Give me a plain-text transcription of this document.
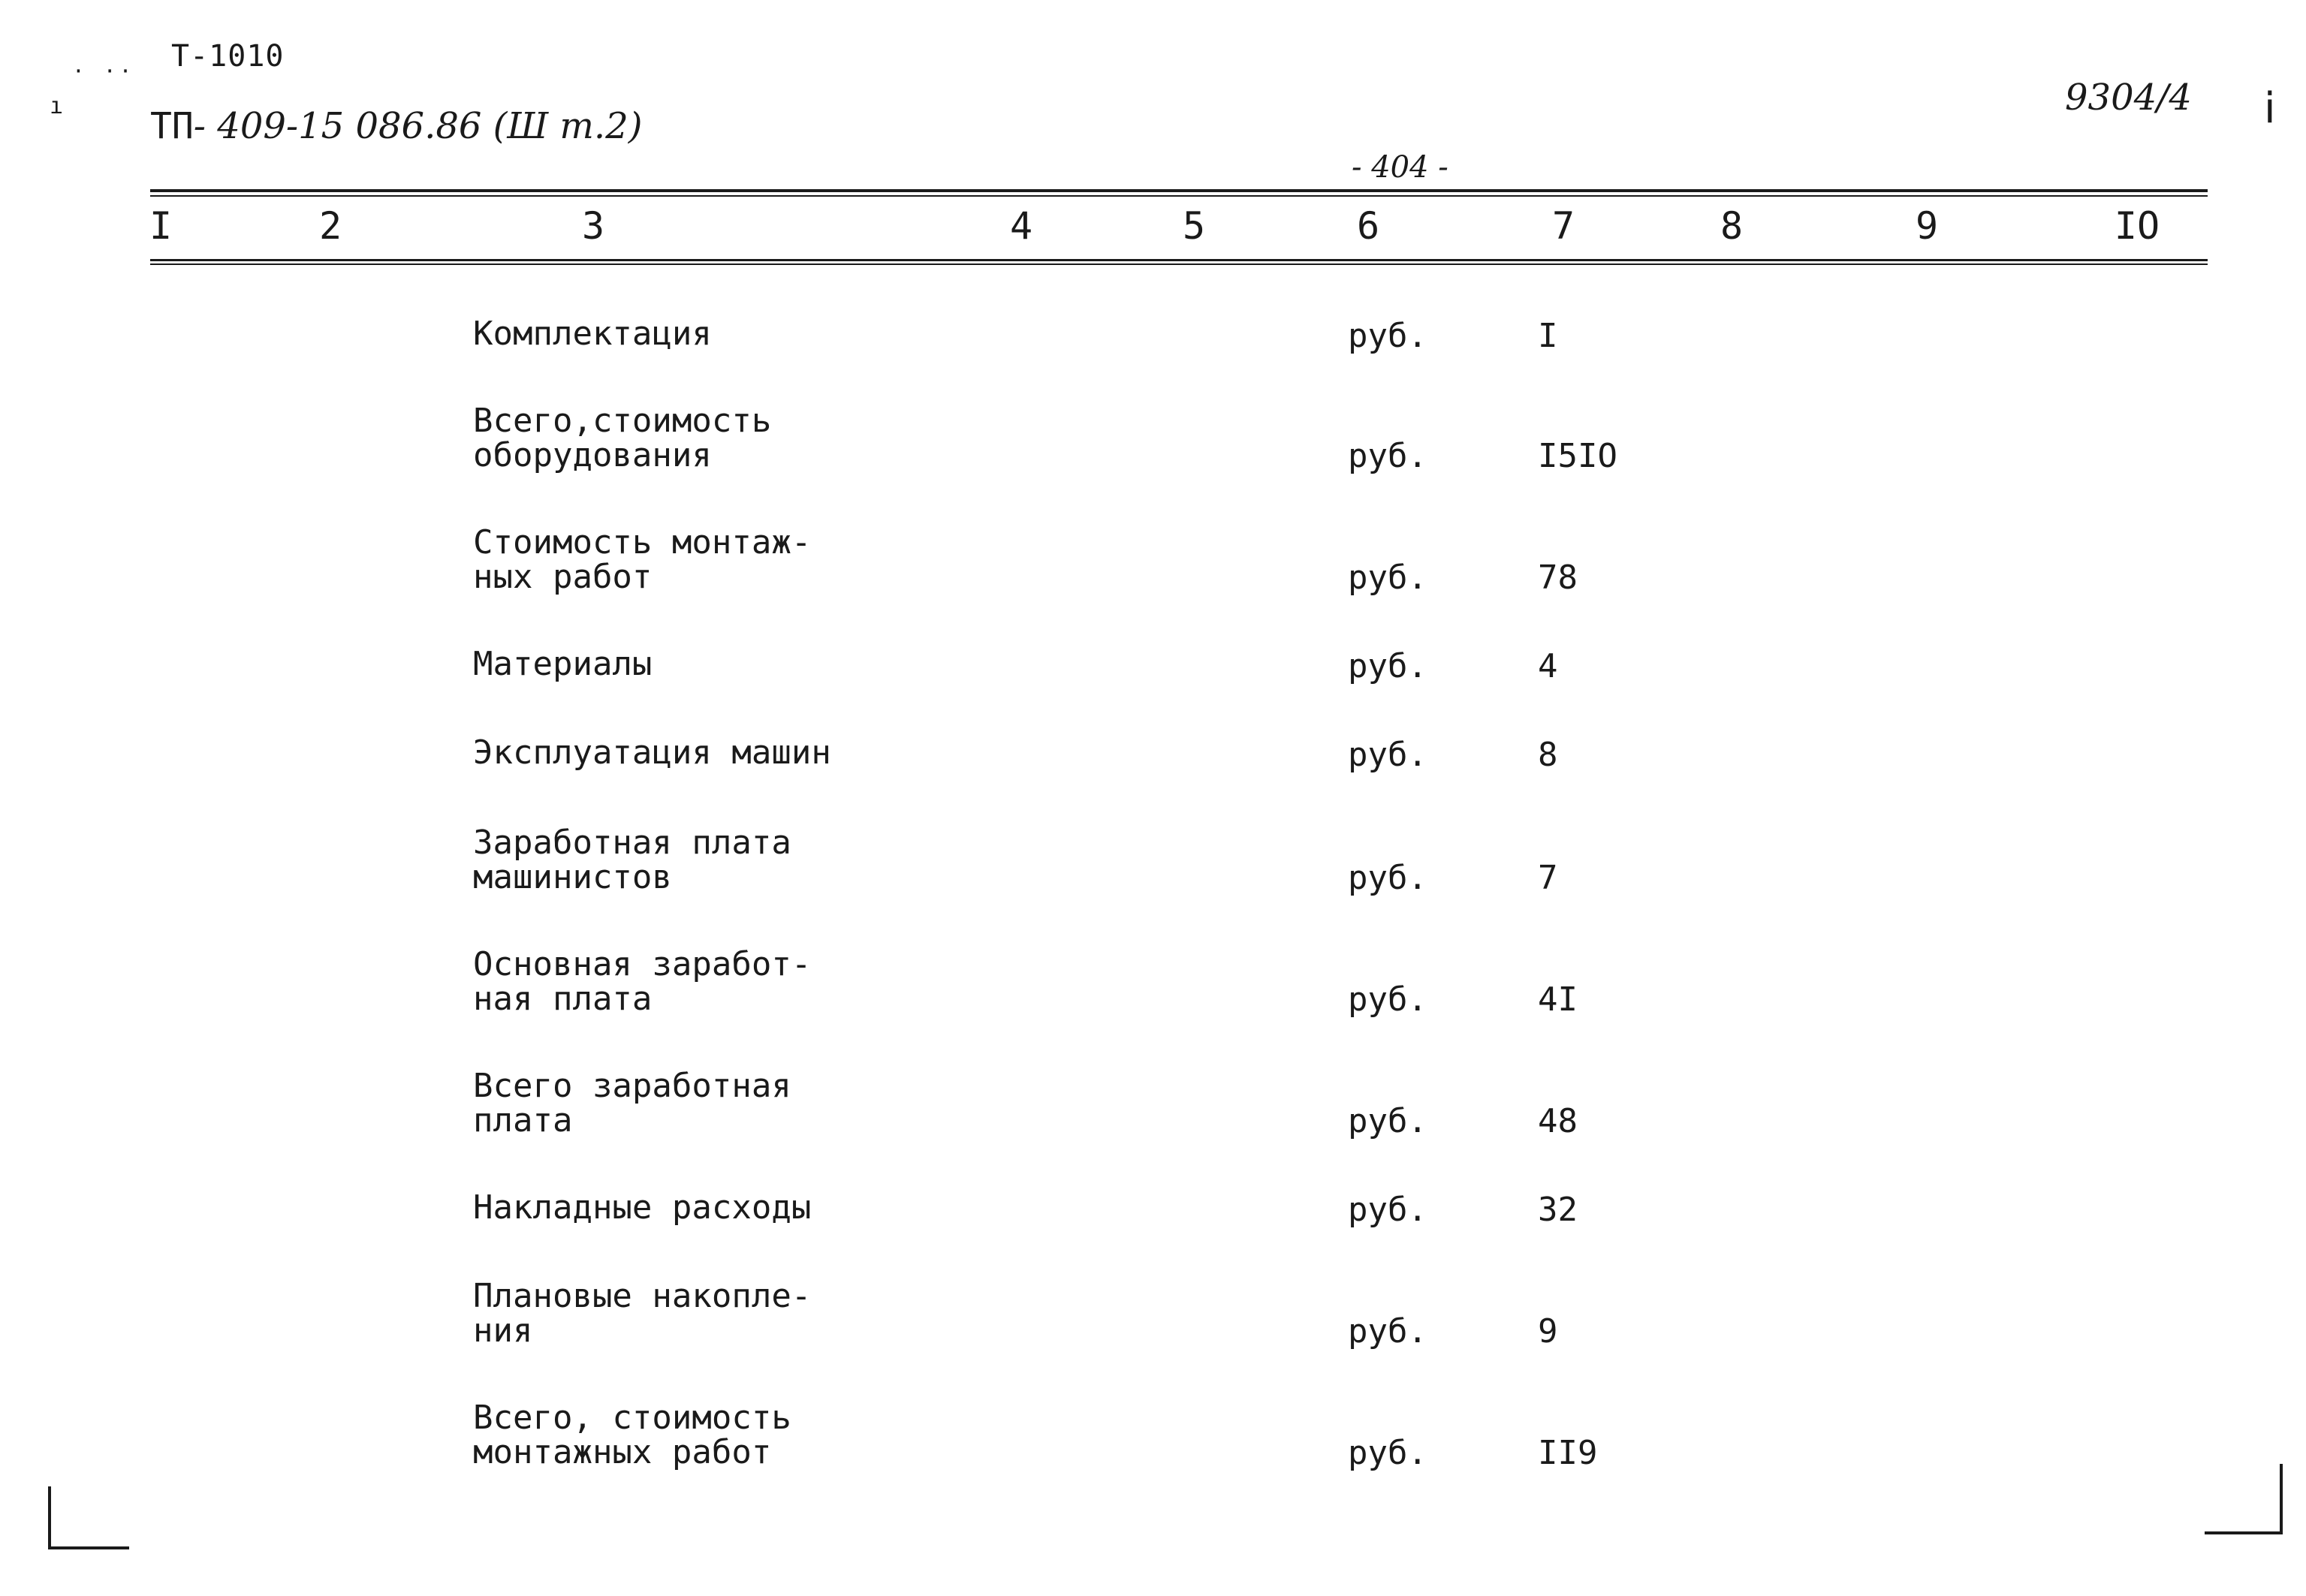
· ··
ı
Т-1010
ТП- 409-15 086.86 (Ш т.2)
- 404 -
9304/4 i
I	2	3	4	5	6	7	8	9	IO
Комплектация	руб.	I
Всего,стоимость
оборудования	руб.	I5IO
Стоимость монтаж-
ных работ	руб.	78
Материалы	руб.	4
Эксплуатация машин	руб.	8
Заработная плата
машинистов	руб.	7
Основная заработ-
ная плата	руб.	4I
Всего заработная
плата	руб.	48
Накладные расходы	руб.	32
Плановые накопле-
ния	руб.	9
Всего, стоимость
монтажных работ	руб.	II9
